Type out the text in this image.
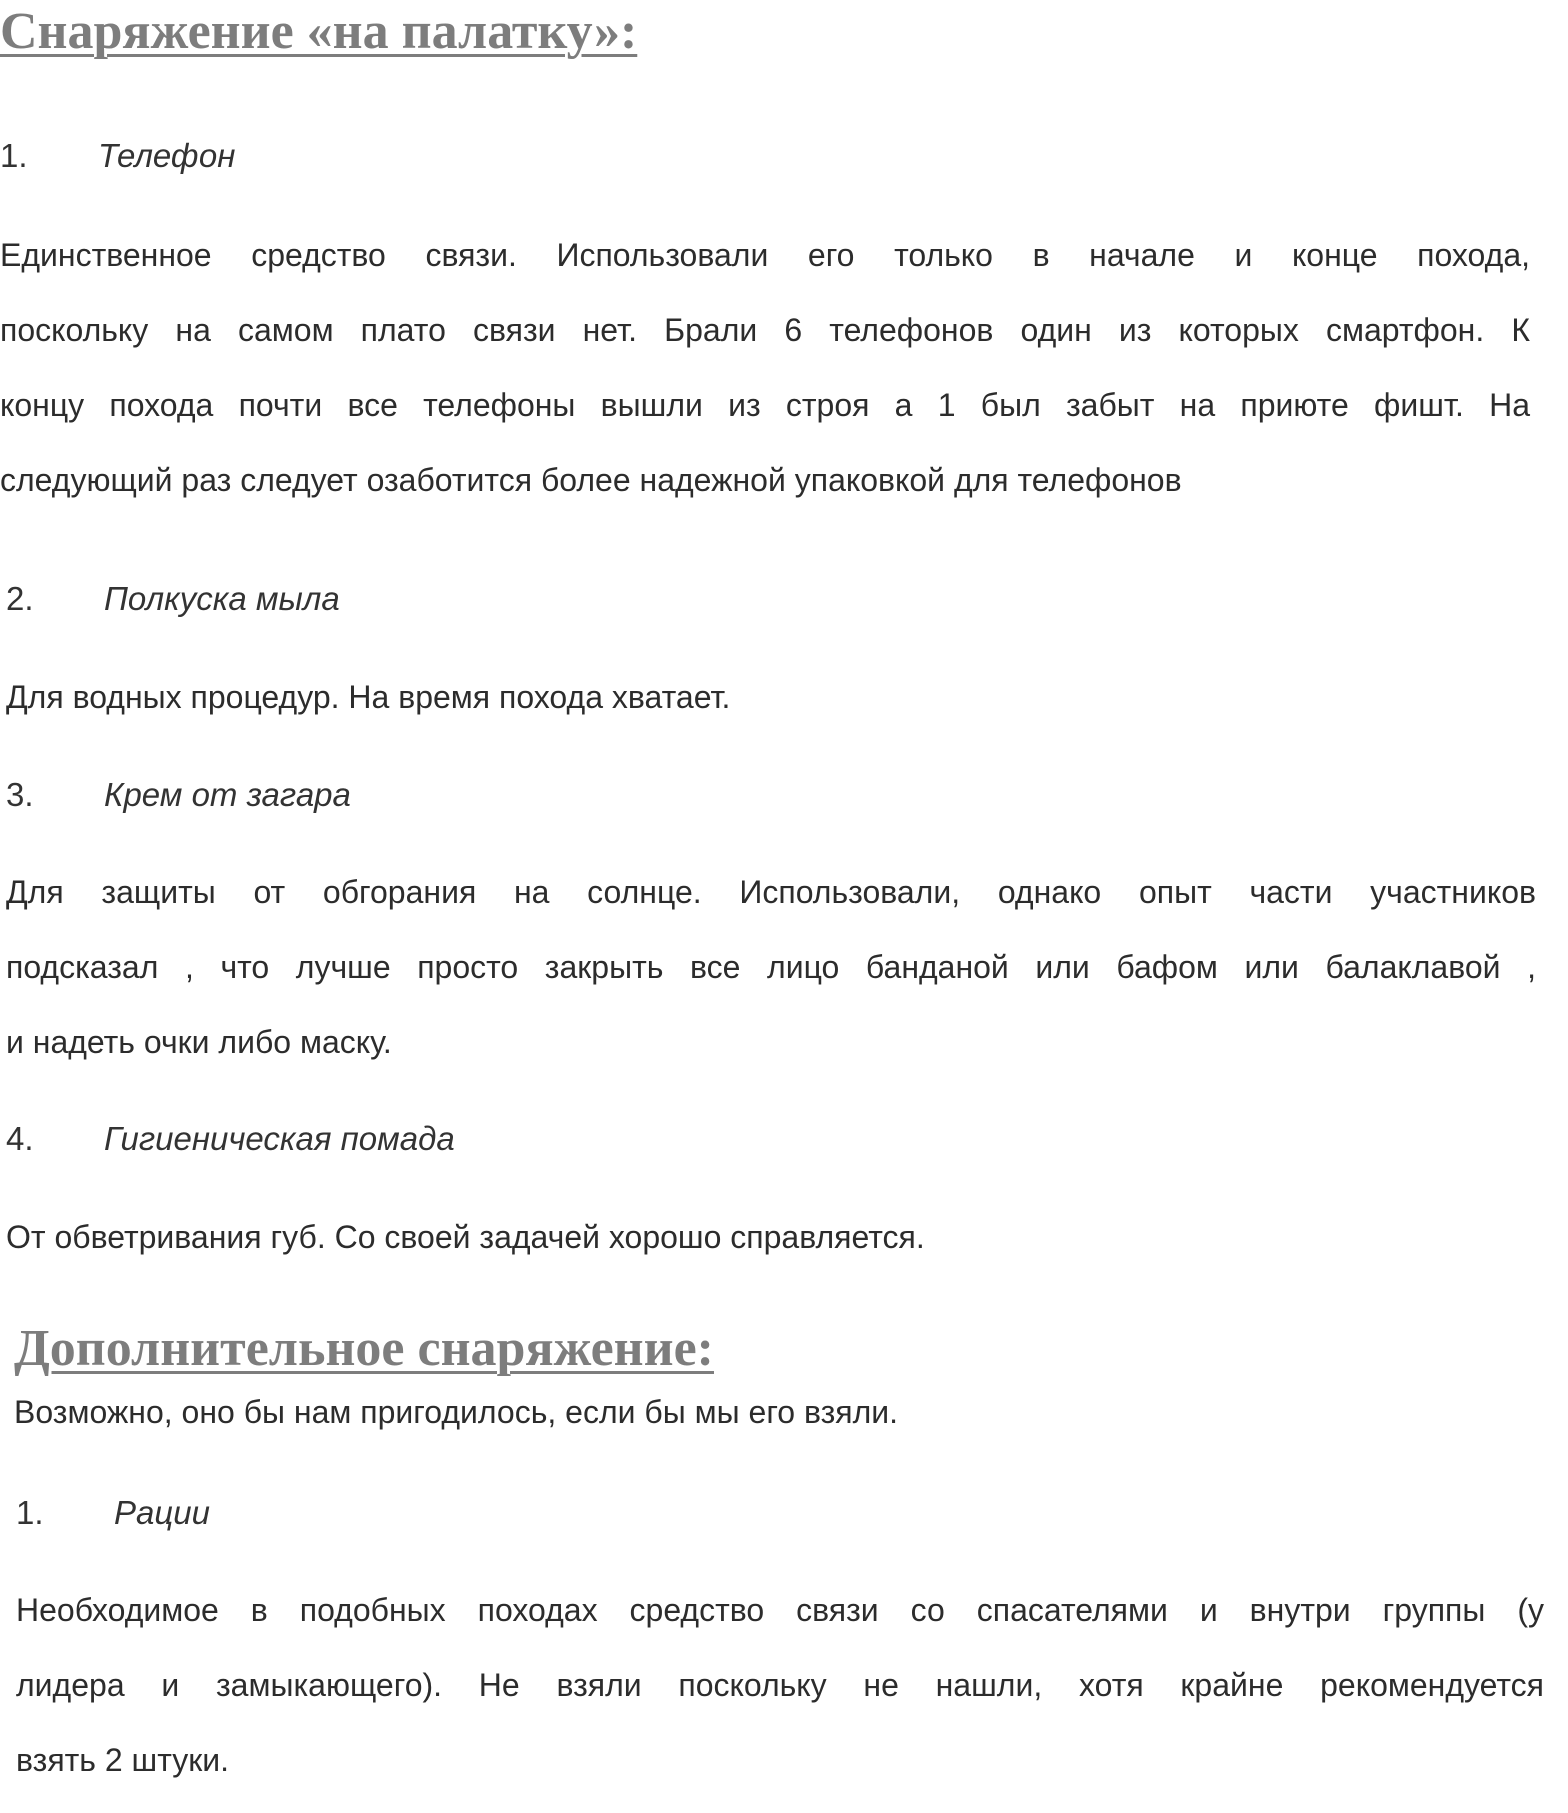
Снаряжение «на палатку»:
1. Телефон
Единственное средство связи. Использовали его только в начале и конце похода,
поскольку на самом плато связи нет. Брали 6 телефонов один из которых смартфон. К
концу похода почти все телефоны вышли из строя а 1 был забыт на приюте фишт. На
следующий раз следует озаботится более надежной упаковкой для телефонов
2. Полкуска мыла
Для водных процедур. На время похода хватает.
3. Крем от загара
Для защиты от обгорания на солнце. Использовали, однако опыт части участников
подсказал , что лучше просто закрыть все лицо банданой или бафом или балаклавой ,
и надеть очки либо маску.
4. Гигиеническая помада
От обветривания губ. Со своей задачей хорошо справляется.
Дополнительное снаряжение:
Возможно, оно бы нам пригодилось, если бы мы его взяли.
1. Рации
Необходимое в подобных походах средство связи со спасателями и внутри группы (у
лидера и замыкающего). Не взяли поскольку не нашли, хотя крайне рекомендуется
взять 2 штуки.
